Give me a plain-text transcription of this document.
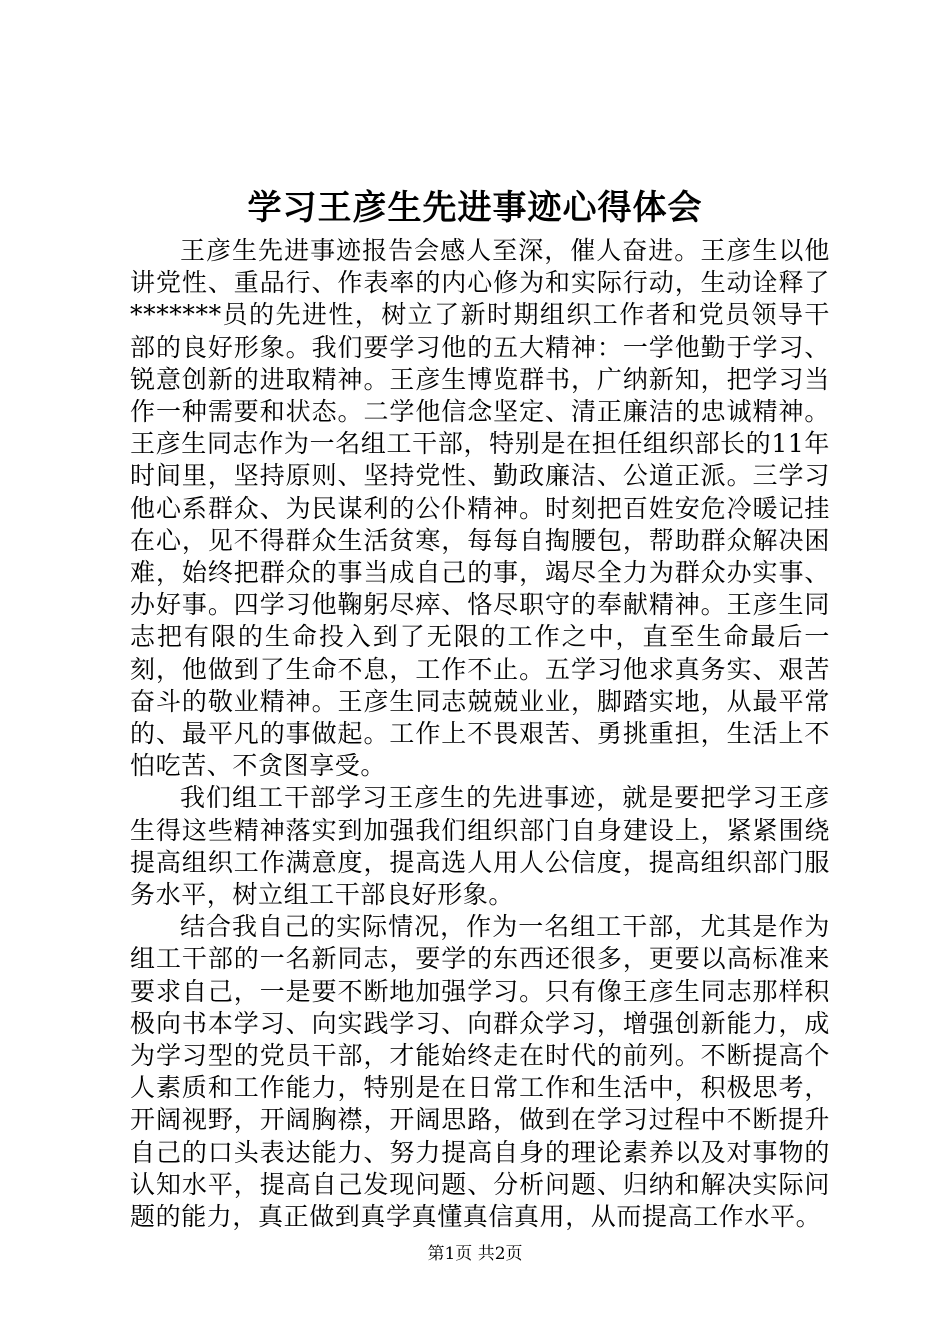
学习王彦生先进事迹心得体会

王彦生先进事迹报告会感人至深，催人奋进。王彦生以他讲党性、重品行、作表率的内心修为和实际行动，生动诠释了*******员的先进性，树立了新时期组织工作者和党员领导干部的良好形象。我们要学习他的五大精神：一学他勤于学习、锐意创新的进取精神。王彦生博览群书，广纳新知，把学习当作一种需要和状态。二学他信念坚定、清正廉洁的忠诚精神。王彦生同志作为一名组工干部，特别是在担任组织部长的11年时间里，坚持原则、坚持党性、勤政廉洁、公道正派。三学习他心系群众、为民谋利的公仆精神。时刻把百姓安危冷暖记挂在心，见不得群众生活贫寒，每每自掏腰包，帮助群众解决困难，始终把群众的事当成自己的事，竭尽全力为群众办实事、办好事。四学习他鞠躬尽瘁、恪尽职守的奉献精神。王彦生同志把有限的生命投入到了无限的工作之中，直至生命最后一刻，他做到了生命不息，工作不止。五学习他求真务实、艰苦奋斗的敬业精神。王彦生同志兢兢业业，脚踏实地，从最平常的、最平凡的事做起。工作上不畏艰苦、勇挑重担，生活上不怕吃苦、不贪图享受。

我们组工干部学习王彦生的先进事迹，就是要把学习王彦生得这些精神落实到加强我们组织部门自身建设上，紧紧围绕提高组织工作满意度，提高选人用人公信度，提高组织部门服务水平，树立组工干部良好形象。

结合我自己的实际情况，作为一名组工干部，尤其是作为组工干部的一名新同志，要学的东西还很多，更要以高标准来要求自己，一是要不断地加强学习。只有像王彦生同志那样积极向书本学习、向实践学习、向群众学习，增强创新能力，成为学习型的党员干部，才能始终走在时代的前列。不断提高个人素质和工作能力，特别是在日常工作和生活中，积极思考，开阔视野，开阔胸襟，开阔思路，做到在学习过程中不断提升自己的口头表达能力、努力提高自身的理论素养以及对事物的认知水平，提高自己发现问题、分析问题、归纳和解决实际问题的能力，真正做到真学真懂真信真用，从而提高工作水平。

第1页 共2页
